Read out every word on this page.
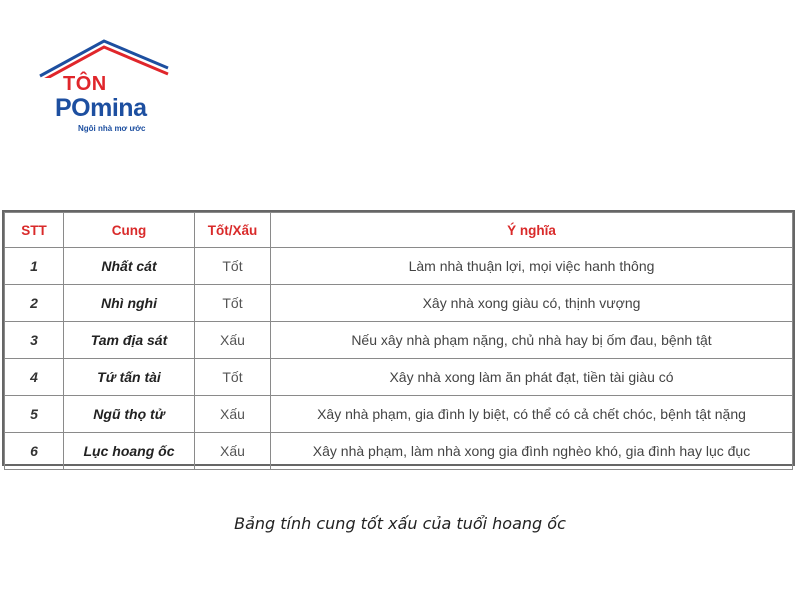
TÔN
POmina
Ngôi nhà mơ ước
STT	Cung	Tốt/Xấu	Ý nghĩa
1	Nhất cát	Tốt	Làm nhà thuận lợi, mọi việc hanh thông
2	Nhì nghi	Tốt	Xây nhà xong giàu có, thịnh vượng
3	Tam địa sát	Xấu	Nếu xây nhà phạm nặng, chủ nhà hay bị ốm đau, bệnh tật
4	Tứ tấn tài	Tốt	Xây nhà xong làm ăn phát đạt, tiền tài giàu có
5	Ngũ thọ tử	Xấu	Xây nhà phạm, gia đình ly biệt, có thể có cả chết chóc, bệnh tật nặng
6	Lục hoang ốc	Xấu	Xây nhà phạm, làm nhà xong gia đình nghèo khó, gia đình hay lục đục
Bảng tính cung tốt xấu của tuổi hoang ốc
